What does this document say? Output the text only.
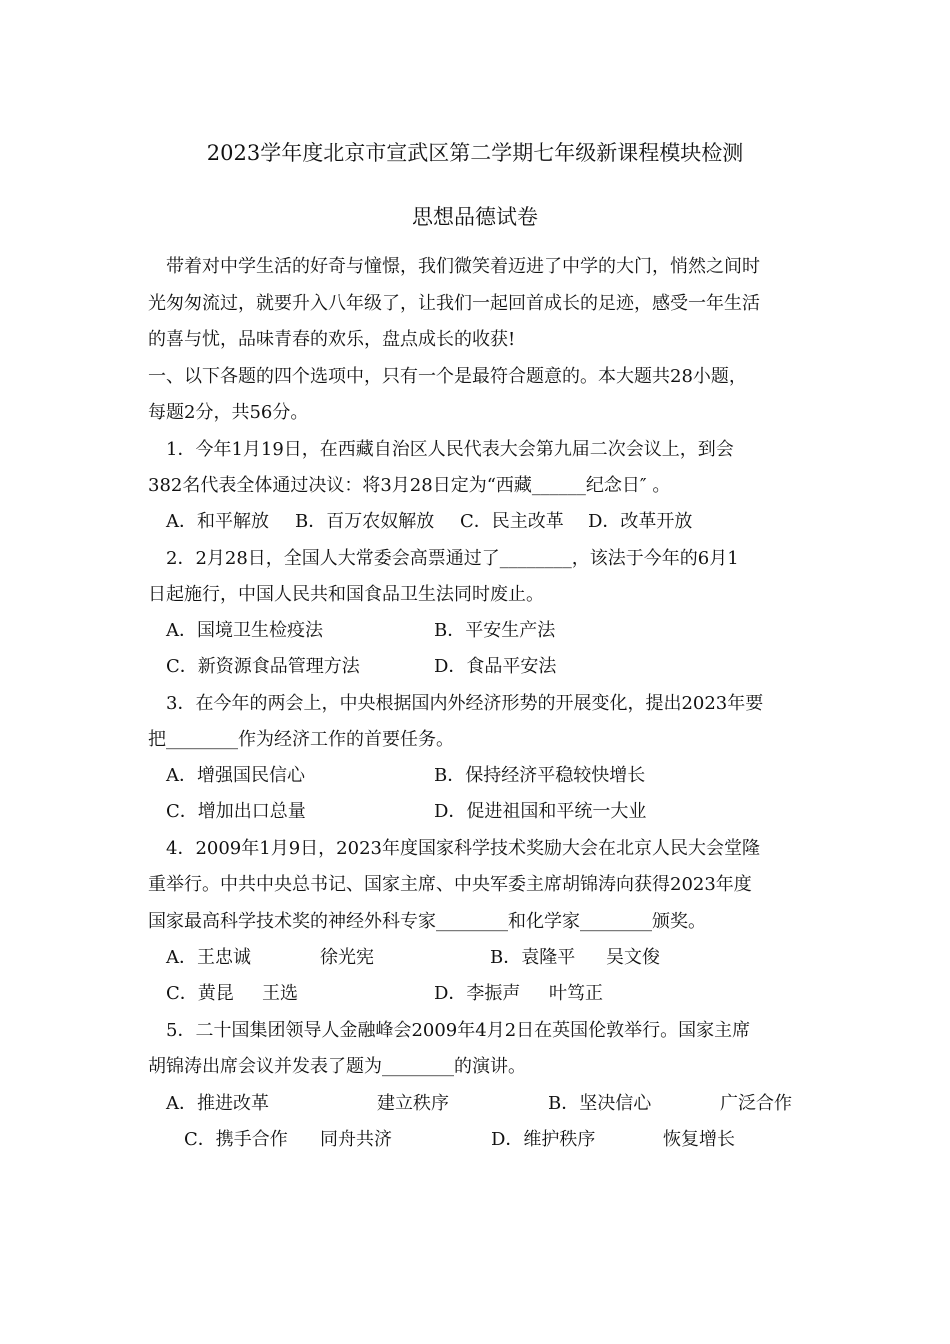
2023学年度北京市宣武区第二学期七年级新课程模块检测
思想品德试卷
带着对中学生活的好奇与憧憬，我们微笑着迈进了中学的大门，悄然之间时
光匆匆流过，就要升入八年级了，让我们一起回首成长的足迹，感受一年生活
的喜与忧，品味青春的欢乐，盘点成长的收获!
一、以下各题的四个选项中，只有一个是最符合题意的。本大题共28小题，
每题2分，共56分。
1．今年1月19日，在西藏自治区人民代表大会第九届二次会议上，到会
382名代表全体通过决议：将3月28日定为“西藏______纪念日″ 。
A．和平解放 B．百万农奴解放 C．民主改革 D．改革开放
2．2月28日，全国人大常委会高票通过了________，该法于今年的6月1
日起施行，中国人民共和国食品卫生法同时废止。
A．国境卫生检疫法	B．平安生产法
C．新资源食品管理方法	D．食品平安法
3．在今年的两会上，中央根据国内外经济形势的开展变化，提出2023年要
把________作为经济工作的首要任务。
A．增强国民信心	B．保持经济平稳较快增长
C．增加出口总量	D．促进祖国和平统一大业
4．2009年1月9日，2023年度国家科学技术奖励大会在北京人民大会堂隆
重举行。中共中央总书记、国家主席、中央军委主席胡锦涛向获得2023年度
国家最高科学技术奖的神经外科专家________和化学家________颁奖。
A．王忠诚	徐光宪	B．袁隆平 吴文俊
C．黄昆 王选	D．李振声 叶笃正
5．二十国集团领导人金融峰会2009年4月2日在英国伦敦举行。国家主席
胡锦涛出席会议并发表了题为________的演讲。
A．推进改革	建立秩序	B．坚决信心	广泛合作
C．携手合作 同舟共济	D．维护秩序	恢复增长
